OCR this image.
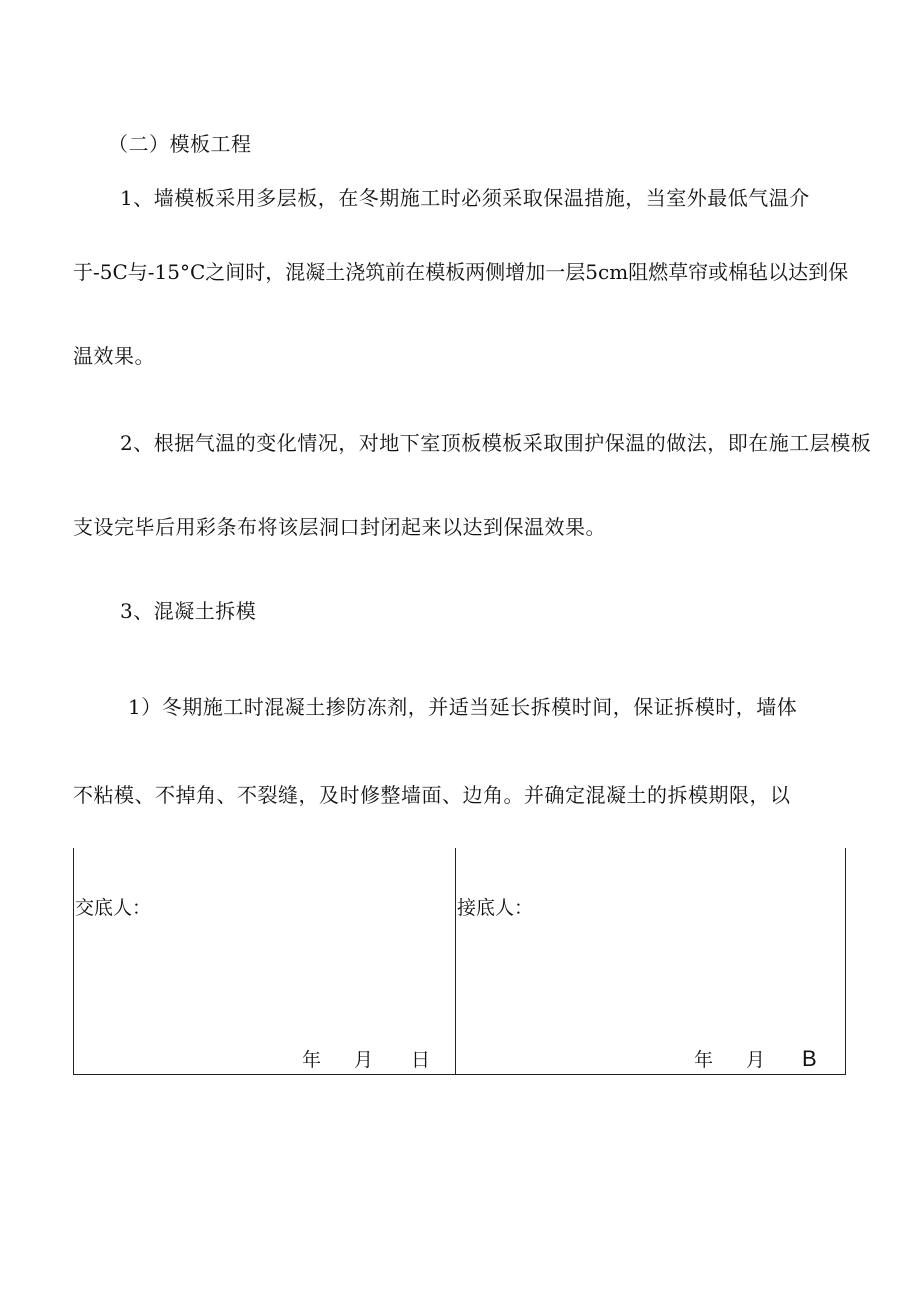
（二）模板工程
1、墙模板采用多层板，在冬期施工时必须采取保温措施，当室外最低气温介
于-5C与-15°C之间时，混凝土浇筑前在模板两侧增加一层5cm阻燃草帘或棉毡以达到保
温效果。
2、根据气温的变化情况，对地下室顶板模板采取围护保温的做法，即在施工层模板
支设完毕后用彩条布将该层洞口封闭起来以达到保温效果。
3、混凝土拆模
1）冬期施工时混凝土掺防冻剂，并适当延长拆模时间，保证拆模时，墙体
不粘模、不掉角、不裂缝，及时修整墙面、边角。并确定混凝土的拆模期限，以
交底人：
年 月 日
接底人：
年 月 B
